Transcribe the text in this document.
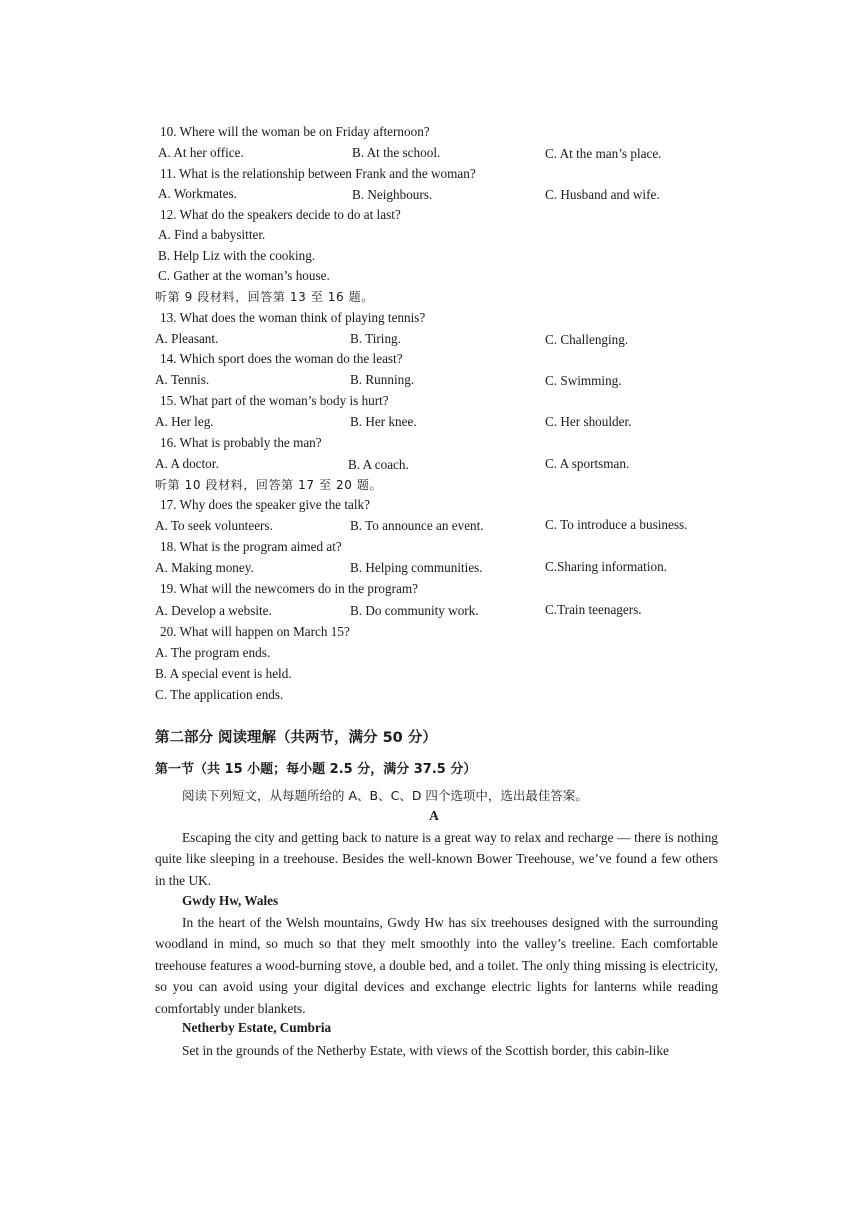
10. Where will the woman be on Friday afternoon?
A. At her office.	B. At the school.	C. At the man’s place.
11. What is the relationship between Frank and the woman?
A. Workmates.	B. Neighbours.	C. Husband and wife.
12. What do the speakers decide to do at last?
A. Find a babysitter.
B. Help Liz with the cooking.
C. Gather at the woman’s house.
听第 9 段材料，回答第 13 至 16 题。
13. What does the woman think of playing tennis?
A. Pleasant.	B. Tiring.	C. Challenging.
14. Which sport does the woman do the least?
A. Tennis.	B. Running.	C. Swimming.
15. What part of the woman’s body is hurt?
A. Her leg.	B. Her knee.	C. Her shoulder.
16. What is probably the man?
A. A doctor.	B. A coach.	C. A sportsman.
听第 10 段材料，回答第 17 至 20 题。
17. Why does the speaker give the talk?
A. To seek volunteers.	B. To announce an event.	C. To introduce a business.
18. What is the program aimed at?
A. Making money.	B. Helping communities.	C.Sharing information.
19. What will the newcomers do in the program?
A. Develop a website.	B. Do community work.	C.Train teenagers.
20. What will happen on March 15?
A. The program ends.
B. A special event is held.
C. The application ends.
第二部分 阅读理解（共两节，满分 50 分）
第一节（共 15 小题；每小题 2.5 分，满分 37.5 分）
阅读下列短文，从每题所给的 A、B、C、D 四个选项中，选出最佳答案。
A
Escaping the city and getting back to nature is a great way to relax and recharge — there is nothing quite like sleeping in a treehouse. Besides the well-known Bower Treehouse, we’ve found a few others in the UK.
Gwdy Hw, Wales
In the heart of the Welsh mountains, Gwdy Hw has six treehouses designed with the surrounding woodland in mind, so much so that they melt smoothly into the valley’s treeline. Each comfortable treehouse features a wood-burning stove, a double bed, and a toilet. The only thing missing is electricity, so you can avoid using your digital devices and exchange electric lights for lanterns while reading comfortably under blankets.
Netherby Estate, Cumbria
Set in the grounds of the Netherby Estate, with views of the Scottish border, this cabin-like
